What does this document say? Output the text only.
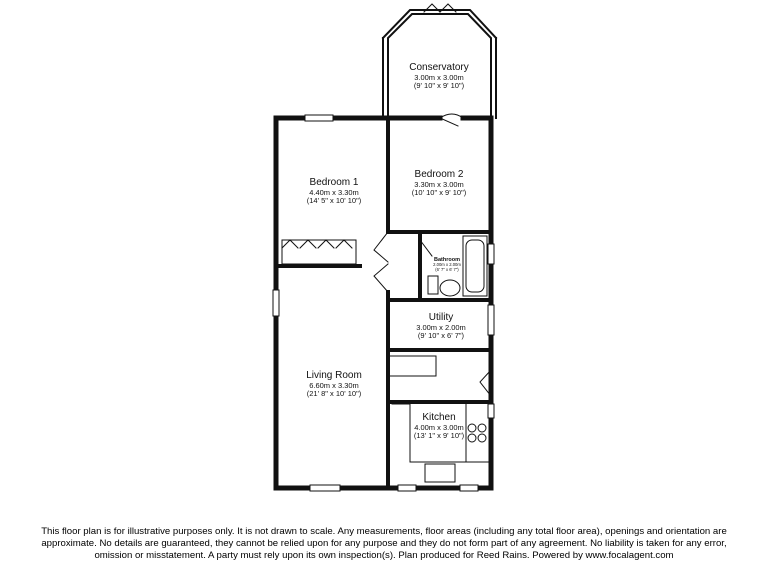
Conservatory
3.00m x 3.00m
(9' 10" x 9' 10")
Bedroom 2
3.30m x 3.00m
(10' 10" x 9' 10")
Bedroom 1
4.40m x 3.30m
(14' 5" x 10' 10")
Bathroom
2.00m x 2.00m
(6' 7" x 6' 7")
Utility
3.00m x 2.00m
(9' 10" x 6' 7")
Living Room
6.60m x 3.30m
(21' 8" x 10' 10")
Kitchen
4.00m x 3.00m
(13' 1" x 9' 10")
This floor plan is for illustrative purposes only. It is not drawn to scale. Any measurements, floor areas (including any total floor area), openings and orientation are approximate. No details are guaranteed, they cannot be relied upon for any purpose and they do not form part of any agreement. No liability is taken for any error, omission or misstatement. A party must rely upon its own inspection(s). Plan produced for Reed Rains. Powered by www.focalagent.com
